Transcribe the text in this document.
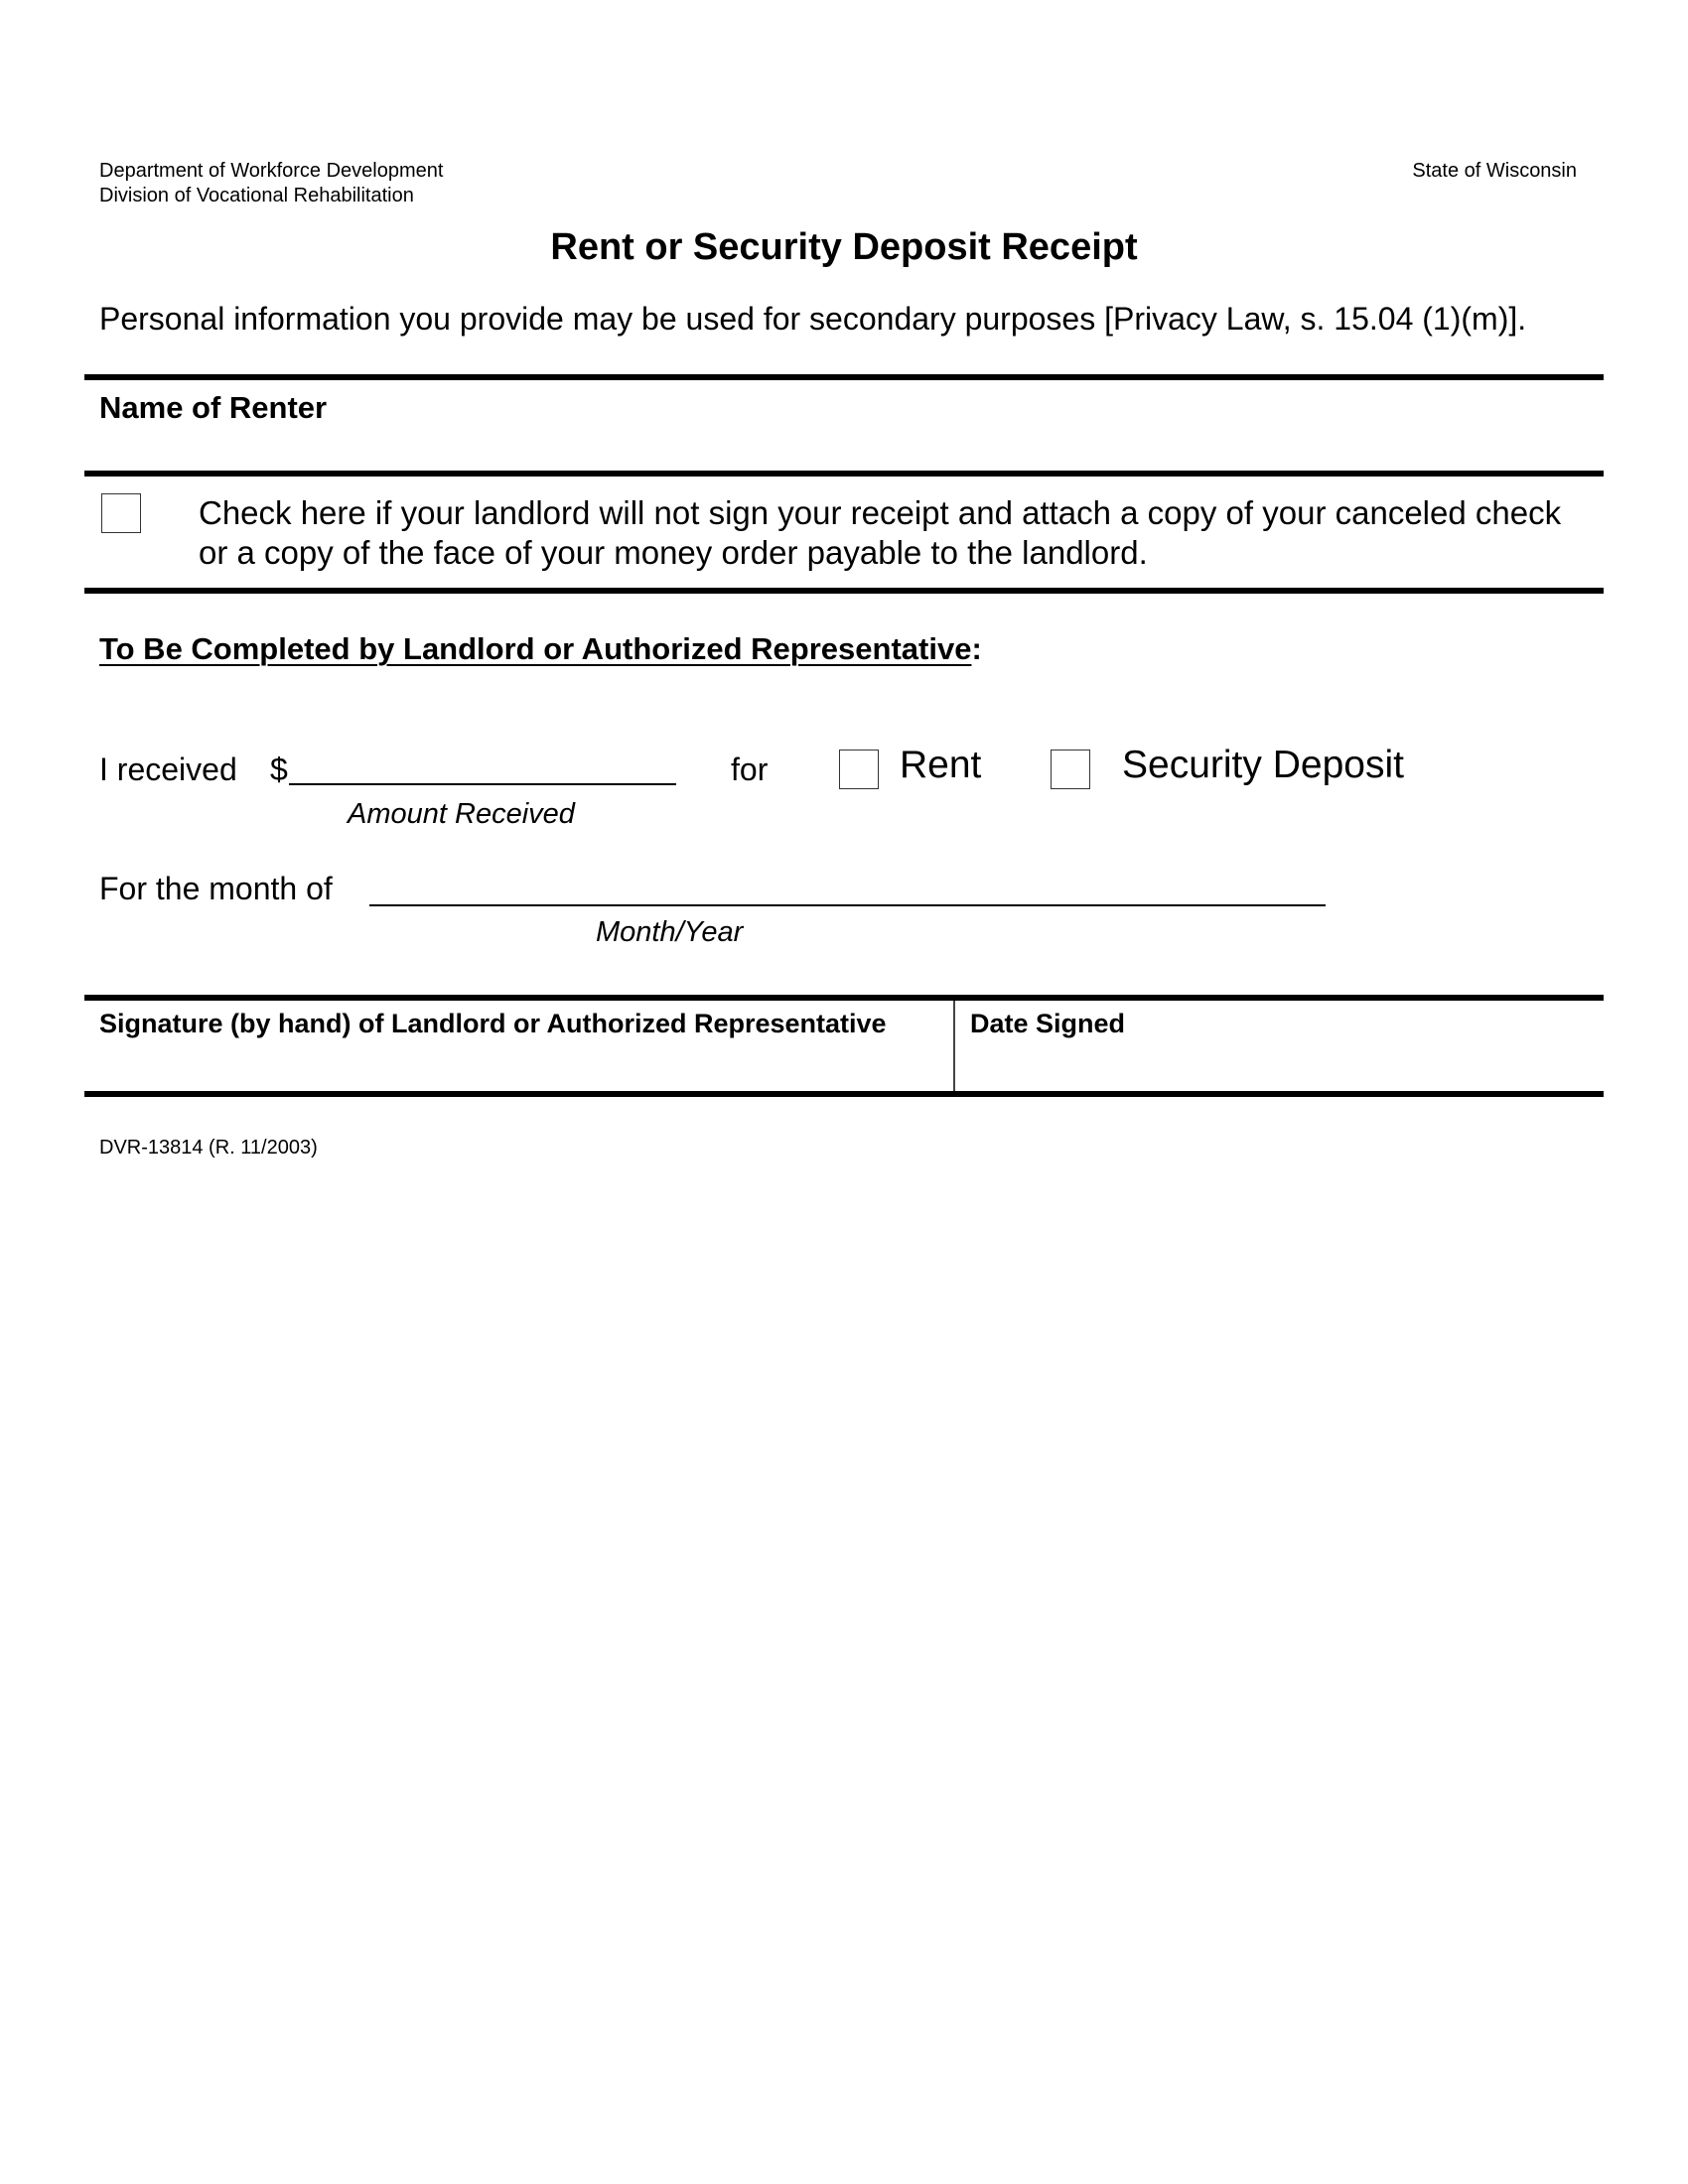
Department of Workforce Development
Division of Vocational Rehabilitation
State of Wisconsin
Rent or Security Deposit Receipt
Personal information you provide may be used for secondary purposes [Privacy Law, s. 15.04 (1)(m)].
Name of Renter
Check here if your landlord will not sign your receipt and attach a copy of your canceled check
or a copy of the face of your money order payable to the landlord.
To Be Completed by Landlord or Authorized Representative:
I received $
Amount Received
for	Rent	Security Deposit
For the month of
Month/Year
Signature (by hand) of Landlord or Authorized Representative	Date Signed
DVR-13814 (R. 11/2003)
